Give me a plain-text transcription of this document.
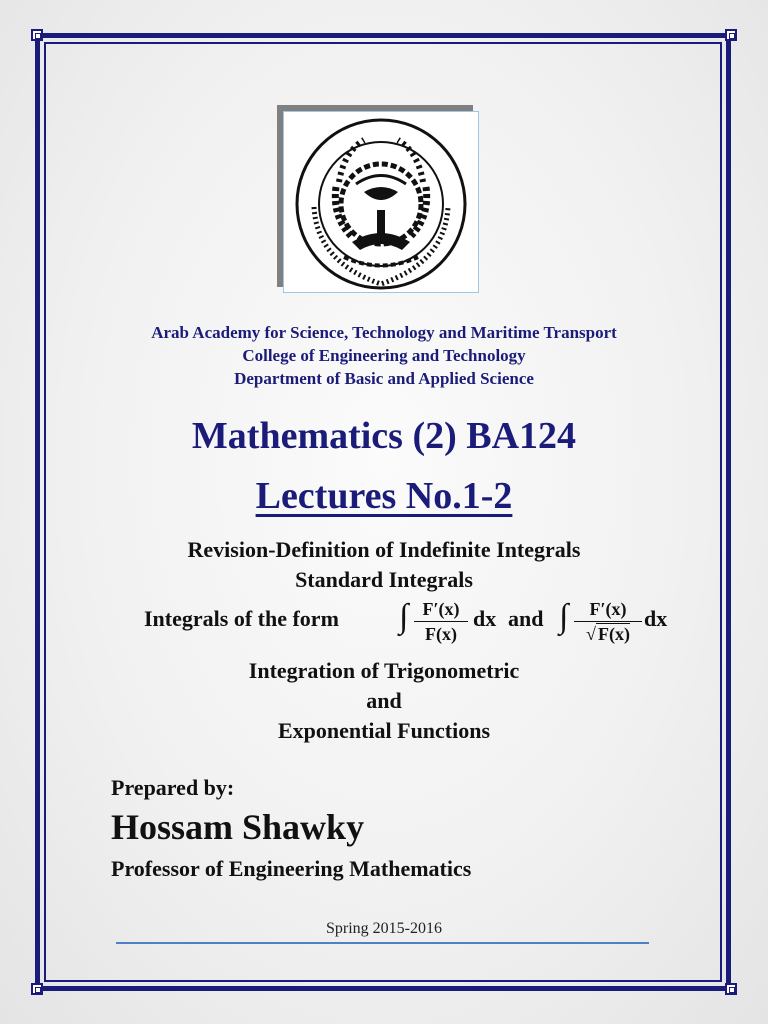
Arab Academy for Science, Technology and Maritime Transport
College of Engineering and Technology
Department of Basic and Applied Science
Mathematics (2) BA124
Lectures No.1-2
Revision-Definition of Indefinite Integrals
Standard Integrals
Integrals of the form ∫ F′(x)
F(x)
dx and ∫	F′(x)
√ F(x)
dx
Integration of Trigonometric
and
Exponential Functions
Prepared by:
Hossam Shawky
Professor of Engineering Mathematics
Spring 2015-2016
